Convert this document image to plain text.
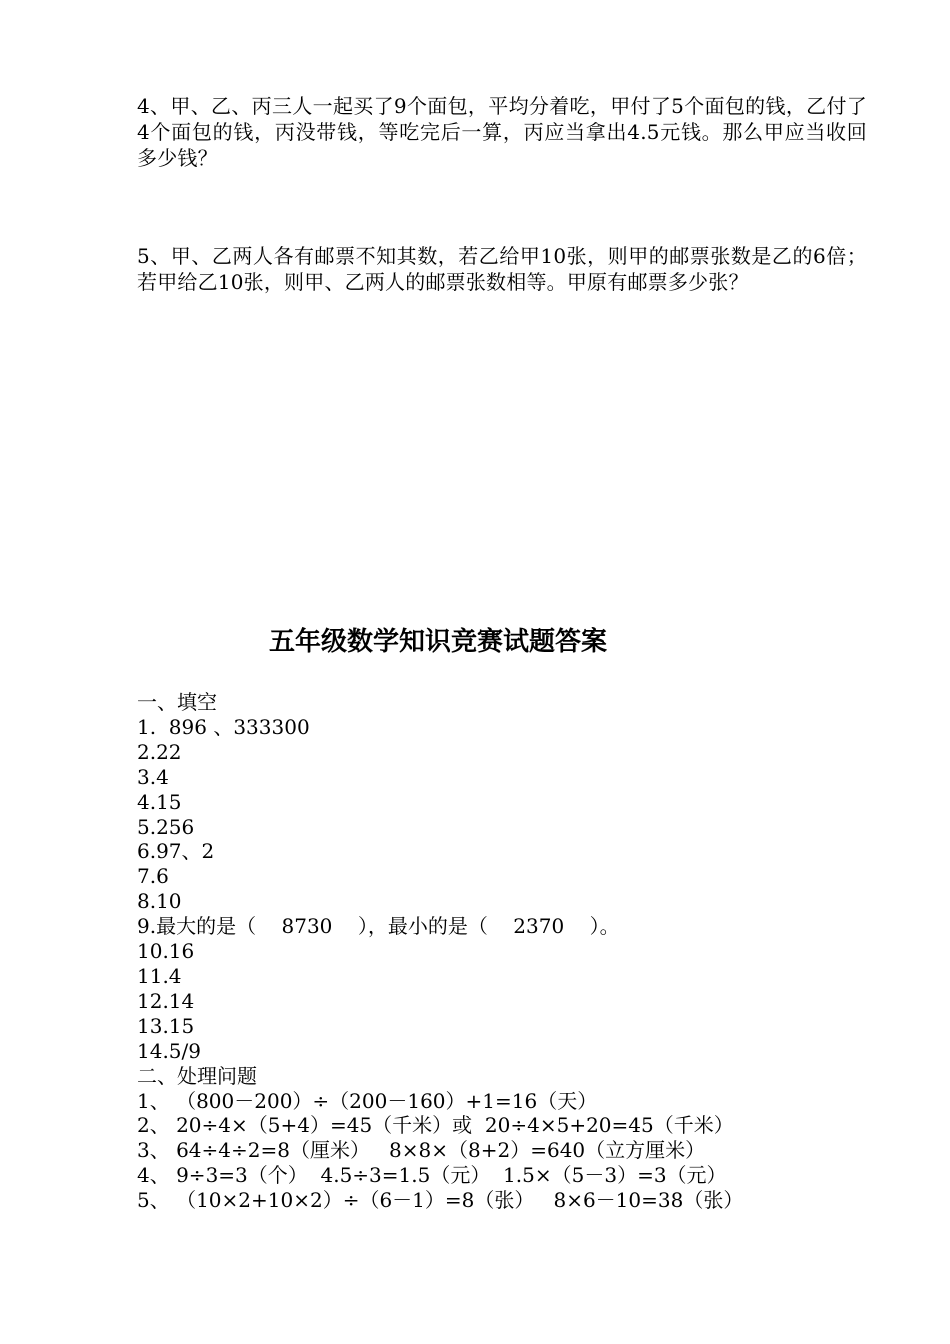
4、甲、乙、丙三人一起买了9个面包，平均分着吃，甲付了5个面包的钱，乙付了4个面包的钱，丙没带钱，等吃完后一算，丙应当拿出4.5元钱。那么甲应当收回多少钱？
5、甲、乙两人各有邮票不知其数，若乙给甲10张，则甲的邮票张数是乙的6倍；若甲给乙10张，则甲、乙两人的邮票张数相等。甲原有邮票多少张？
五年级数学知识竞赛试题答案
一、填空
1.  896 、333300
2.22
3.4
4.15
5.256
6.97、2
7.6
8.10
9.最大的是（    8730    ），最小的是（    2370    ）。
10.16
11.4
12.14
13.15
14.5/9
二、处理问题
1、 （800－200）÷（200－160）+1=16（天）
2、 20÷4×（5+4）=45（千米）或  20÷4×5+20=45（千米）
3、 64÷4÷2=8（厘米）   8×8×（8+2）=640（立方厘米）
4、 9÷3=3（个）  4.5÷3=1.5（元）  1.5×（5－3）=3（元）
5、 （10×2+10×2）÷（6－1）=8（张）   8×6－10=38（张）
